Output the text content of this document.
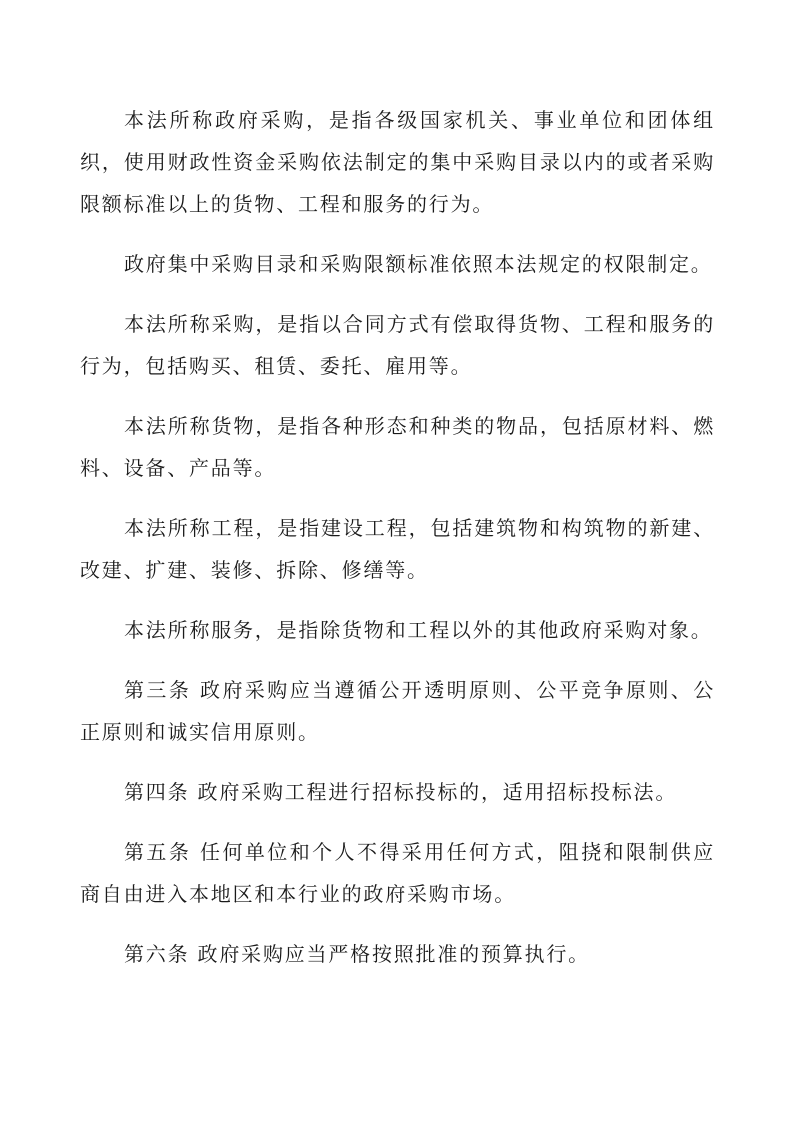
本法所称政府采购，是指各级国家机关、事业单位和团体组织，使用财政性资金采购依法制定的集中采购目录以内的或者采购限额标准以上的货物、工程和服务的行为。

政府集中采购目录和采购限额标准依照本法规定的权限制定。

本法所称采购，是指以合同方式有偿取得货物、工程和服务的行为，包括购买、租赁、委托、雇用等。

本法所称货物，是指各种形态和种类的物品，包括原材料、燃料、设备、产品等。

本法所称工程，是指建设工程，包括建筑物和构筑物的新建、改建、扩建、装修、拆除、修缮等。

本法所称服务，是指除货物和工程以外的其他政府采购对象。

第三条 政府采购应当遵循公开透明原则、公平竞争原则、公正原则和诚实信用原则。

第四条 政府采购工程进行招标投标的，适用招标投标法。

第五条 任何单位和个人不得采用任何方式，阻挠和限制供应商自由进入本地区和本行业的政府采购市场。

第六条 政府采购应当严格按照批准的预算执行。
